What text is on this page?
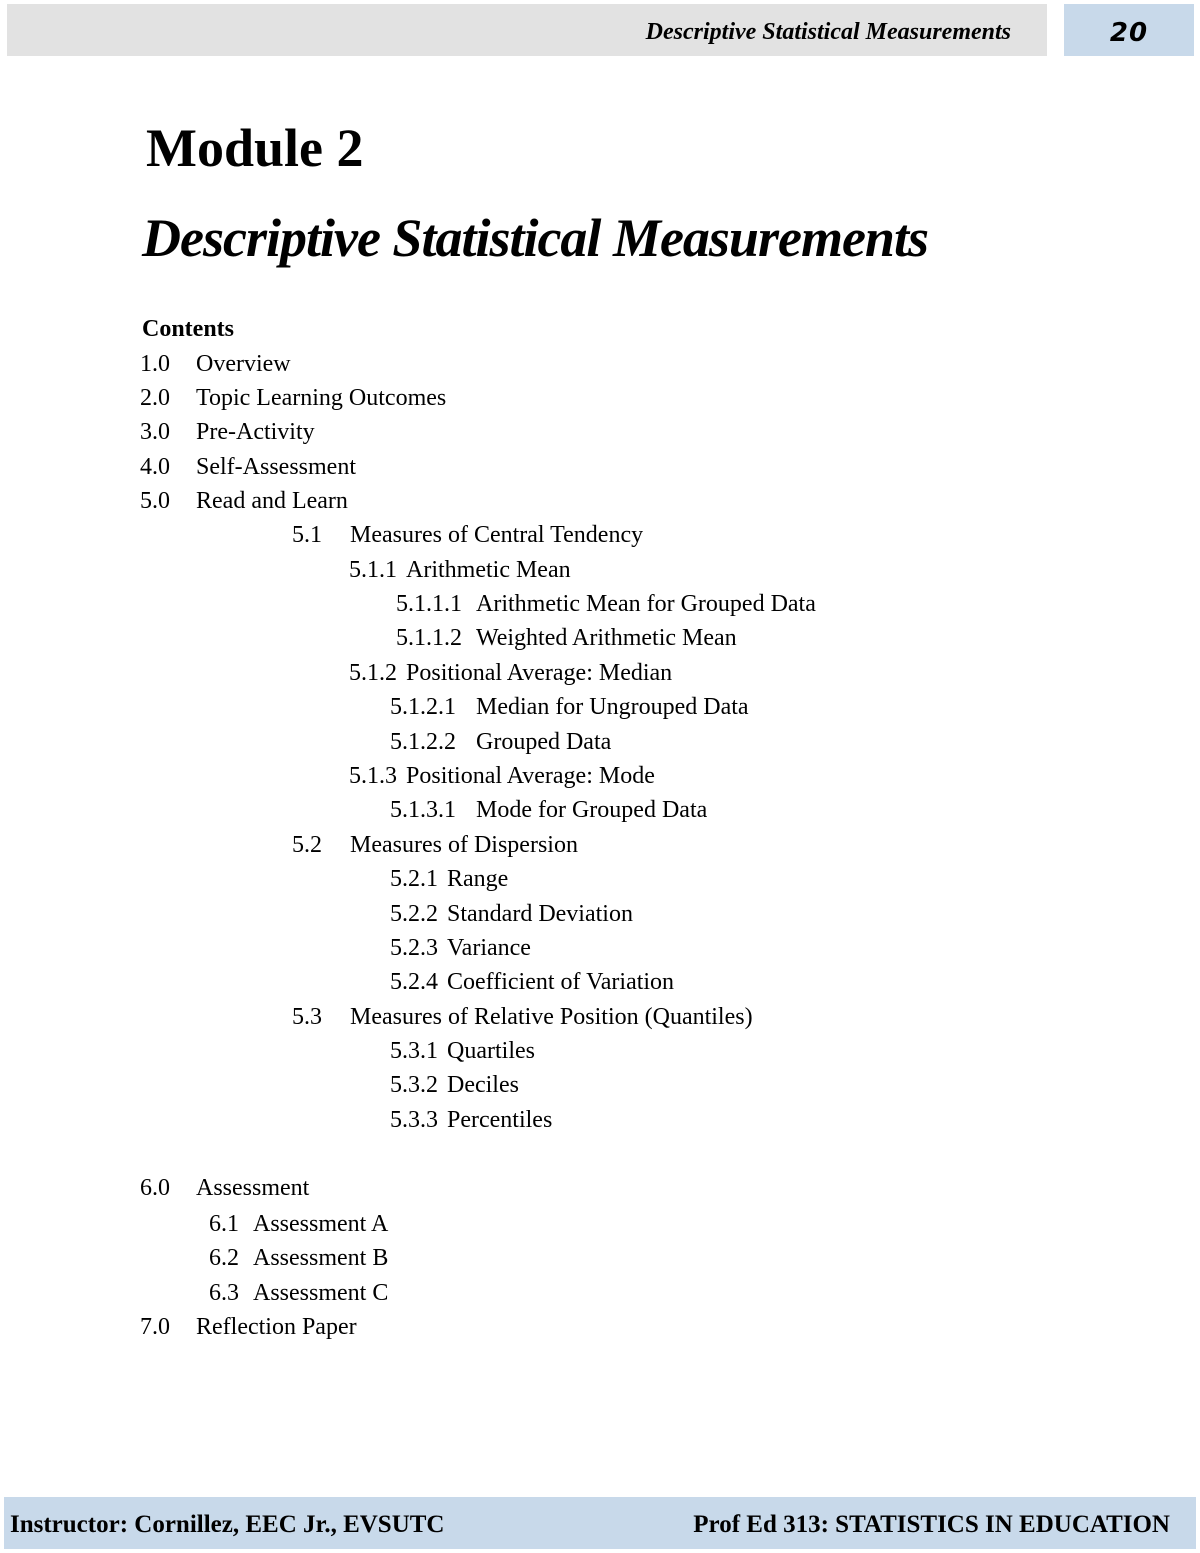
Descriptive Statistical Measurements	20
Module 2
Descriptive Statistical Measurements
Contents
1.0 Overview
2.0 Topic Learning Outcomes
3.0 Pre-Activity
4.0 Self-Assessment
5.0 Read and Learn
5.1 Measures of Central Tendency
5.1.1 Arithmetic Mean
5.1.1.1 Arithmetic Mean for Grouped Data
5.1.1.2 Weighted Arithmetic Mean
5.1.2 Positional Average: Median
5.1.2.1 Median for Ungrouped Data
5.1.2.2 Grouped Data
5.1.3 Positional Average: Mode
5.1.3.1 Mode for Grouped Data
5.2 Measures of Dispersion
5.2.1 Range
5.2.2 Standard Deviation
5.2.3 Variance
5.2.4 Coefficient of Variation
5.3 Measures of Relative Position (Quantiles)
5.3.1 Quartiles
5.3.2 Deciles
5.3.3 Percentiles
6.0 Assessment
6.1 Assessment A
6.2 Assessment B
6.3 Assessment C
7.0 Reflection Paper
Instructor: Cornillez, EEC Jr., EVSUTC	Prof Ed 313: STATISTICS IN EDUCATION
